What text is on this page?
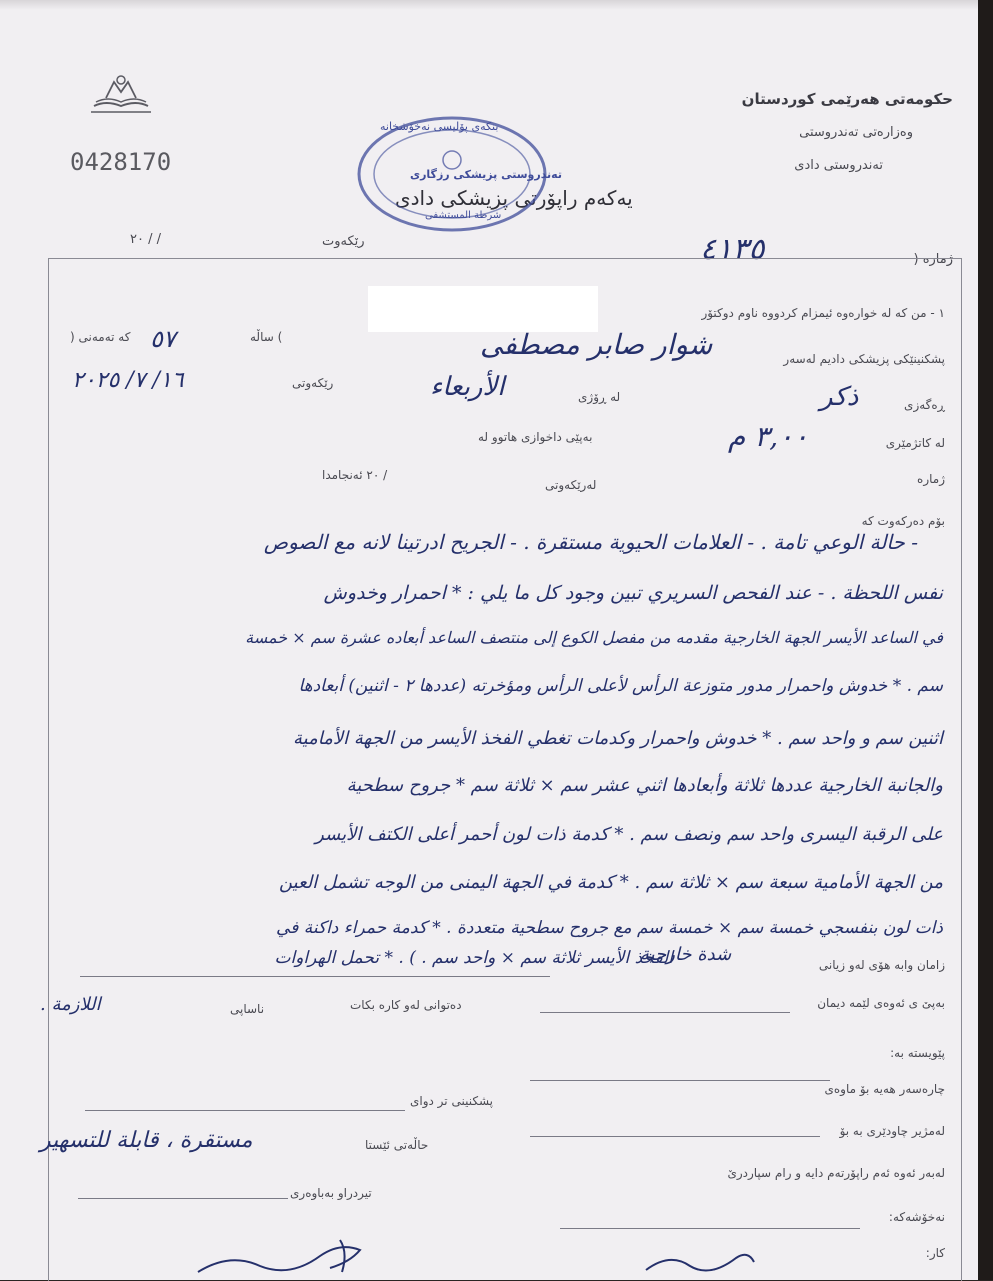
0428170
حکومەتی هەرێمی کوردستان
وەزارەتی تەندروستی
تەندروستی دادی
یەکەم راپۆرتی پزیشکی دادی
بنکەی پۆلیسی نەخۆشخانە
تەندروستی پزیشکی رزگاری
شرطة المستشفى
ژمارە (
٤١٣٥
رێکەوت
/ / ٢٠
١ - من کە لە خوارەوە ئیمزام کردووە ناوم دوکتۆر
پشکنینێکی پزیشکی دادیم لەسەر
شوار صابر مصطفى
) ساڵە
٥٧
کە تەمەنی (
ڕەگەزی
ذكر
لە ڕۆژی
الأربعاء
رێکەوتی
١٦/ ٧/ ٢٠٢٥
لە کاتژمێری
٣,٠٠ م
بەپێی داخوازی هاتوو لە
ژمارە
لەرێکەوتی
/ ٢٠ ئەنجامدا
بۆم دەرکەوت کە
- حالة الوعي تامة . - العلامات الحيوية مستقرة . - الجريح ادرتينا لانه مع الصوص
نفس اللحظة . - عند الفحص السريري تبين وجود كل ما يلي : * احمرار وخدوش
في الساعد الأيسر الجهة الخارجية مقدمه من مفصل الكوع إلى منتصف الساعد أبعاده عشرة سم × خمسة
سم . * خدوش واحمرار مدور متوزعة الرأس لأعلى الرأس ومؤخرته (عددها ٢ - اثنين) أبعادها
اثنين سم و واحد سم . * خدوش واحمرار وكدمات تغطي الفخذ الأيسر من الجهة الأمامية
والجانبة الخارجية عددها ثلاثة وأبعادها اثني عشر سم × ثلاثة سم * جروح سطحية
على الرقبة اليسرى واحد سم ونصف سم . * كدمة ذات لون أحمر أعلى الكتف الأيسر
من الجهة الأمامية سبعة سم × ثلاثة سم . * كدمة في الجهة اليمنى من الوجه تشمل العين
ذات لون بنفسجي خمسة سم × خمسة سم مع جروح سطحية متعددة . * كدمة حمراء داكنة في
الفخذ الأيسر ثلاثة سم × واحد سم . ) . * تحمل الهراوات
اللازمة .
زامان وابە هۆی لەو زیانی
شدة خارجية
بەپێ ی ئەوەی لێمە دیمان
دەتوانی لەو کارە بکات
ناساپی
پێویستە بە:
چارەسەر هەیە بۆ ماوەی
پشکنینی تر دوای
لەمژیر چاودێری بە بۆ
حاڵەتی ئێستا
مستقرة ، قابلة للتسهير
لەبەر ئەوە ئەم راپۆرتەم دایە و رام سپاردرێ
تیردراو بەباوەری
نەخۆشەکە:
کار:
